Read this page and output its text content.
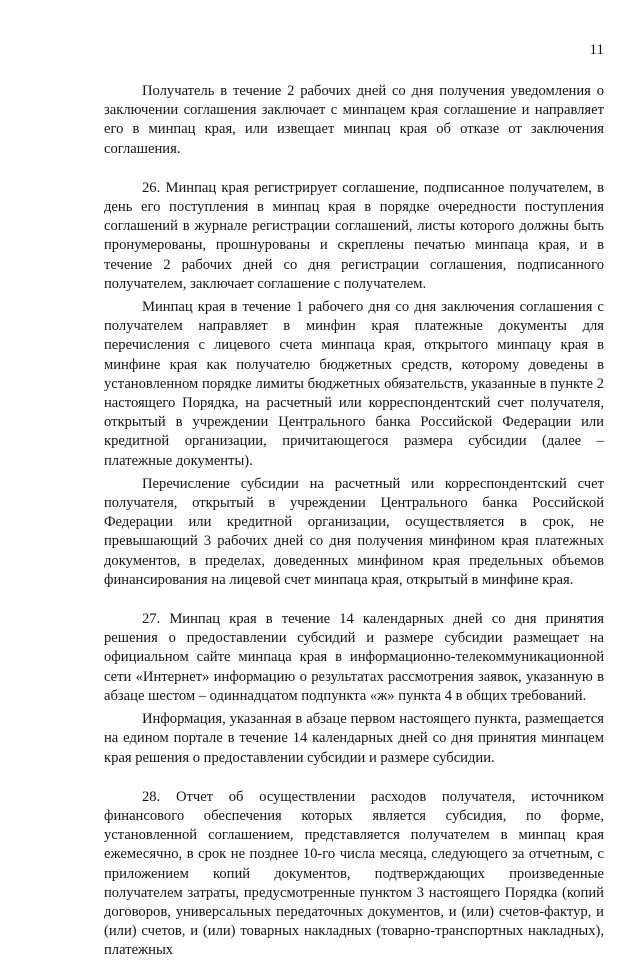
11

Получатель в течение 2 рабочих дней со дня получения уведомления о заключении соглашения заключает с минпацем края соглашение и направляет его в минпац края, или извещает минпац края об отказе от заключения соглашения.

26. Минпац края регистрирует соглашение, подписанное получателем, в день его поступления в минпац края в порядке очередности поступления соглашений в журнале регистрации соглашений, листы которого должны быть пронумерованы, прошнурованы и скреплены печатью минпаца края, и в течение 2 рабочих дней со дня регистрации соглашения, подписанного получателем, заключает соглашение с получателем.

Минпац края в течение 1 рабочего дня со дня заключения соглашения с получателем направляет в минфин края платежные документы для перечисления с лицевого счета минпаца края, открытого минпацу края в минфине края как получателю бюджетных средств, которому доведены в установленном порядке лимиты бюджетных обязательств, указанные в пункте 2 настоящего Порядка, на расчетный или корреспондентский счет получателя, открытый в учреждении Центрального банка Российской Федерации или кредитной организации, причитающегося размера субсидии (далее – платежные документы).

Перечисление субсидии на расчетный или корреспондентский счет получателя, открытый в учреждении Центрального банка Российской Федерации или кредитной организации, осуществляется в срок, не превышающий 3 рабочих дней со дня получения минфином края платежных документов, в пределах, доведенных минфином края предельных объемов финансирования на лицевой счет минпаца края, открытый в минфине края.

27. Минпац края в течение 14 календарных дней со дня принятия решения о предоставлении субсидий и размере субсидии размещает на официальном сайте минпаца края в информационно-телекоммуникационной сети «Интернет» информацию о результатах рассмотрения заявок, указанную в абзаце шестом – одиннадцатом подпункта «ж» пункта 4 в общих требований.

Информация, указанная в абзаце первом настоящего пункта, размещается на едином портале в течение 14 календарных дней со дня принятия минпацем края решения о предоставлении субсидии и размере субсидии.

28. Отчет об осуществлении расходов получателя, источником финансового обеспечения которых является субсидия, по форме, установленной соглашением, представляется получателем в минпац края ежемесячно, в срок не позднее 10-го числа месяца, следующего за отчетным, с приложением копий документов, подтверждающих произведенные получателем затраты, предусмотренные пунктом 3 настоящего Порядка (копий договоров, универсальных передаточных документов, и (или) счетов-фактур, и (или) счетов, и (или) товарных накладных (товарно-транспортных накладных), платежных
